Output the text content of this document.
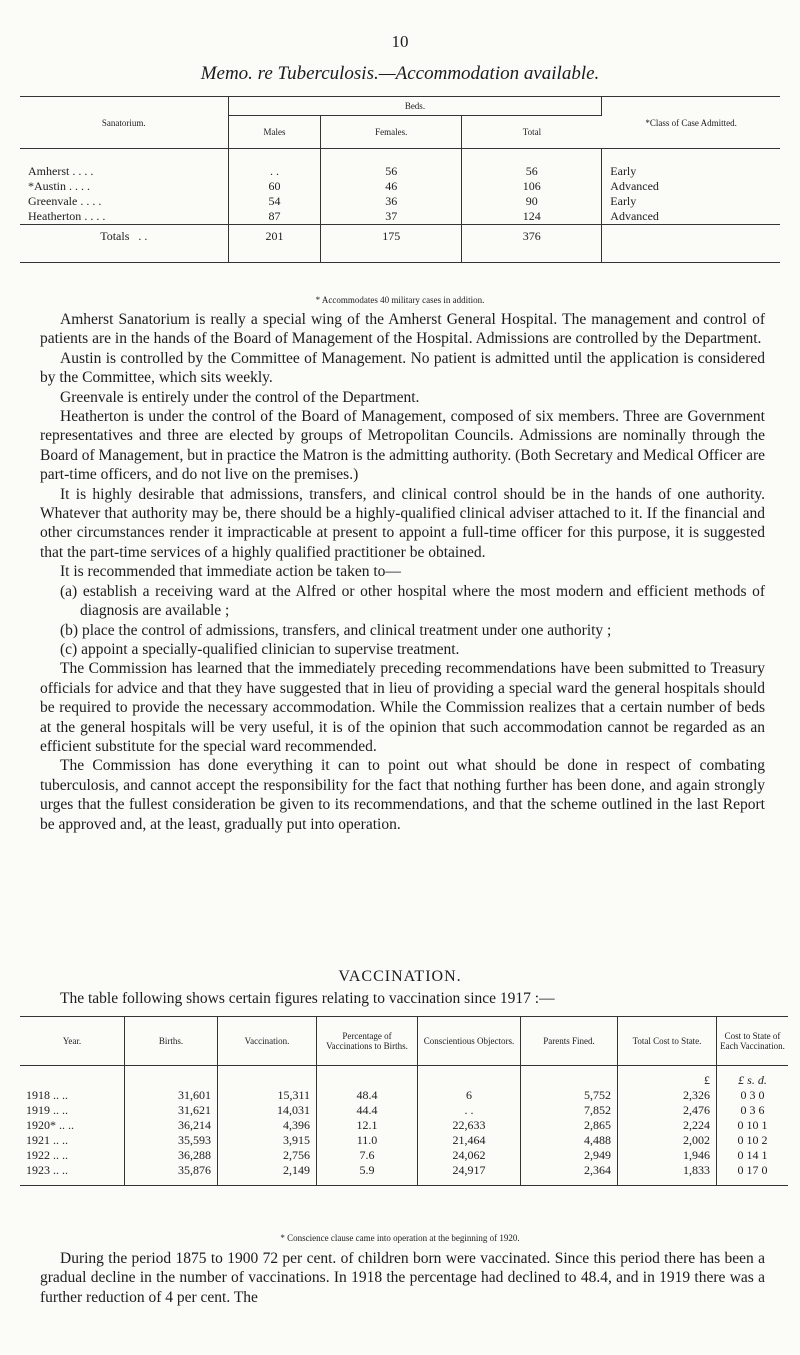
10
Memo. re Tuberculosis.—Accommodation available.
Sanatorium.	Beds.			*Class of Case Admitted.
	Males	Females.	Total	

Amherst . . . .	. .	56	56	Early
*Austin . . . .	60	46	106	Advanced
Greenvale . . . .	54	36	90	Early
Heatherton . . . .	87	37	124	Advanced
Totals . .	201	175	376	

* Accommodates 40 military cases in addition.

Amherst Sanatorium is really a special wing of the Amherst General Hospital. The management and control of patients are in the hands of the Board of Management of the Hospital. Admissions are controlled by the Department.

Austin is controlled by the Committee of Management. No patient is admitted until the application is considered by the Committee, which sits weekly.

Greenvale is entirely under the control of the Department.

Heatherton is under the control of the Board of Management, composed of six members. Three are Government representatives and three are elected by groups of Metropolitan Councils. Admissions are nominally through the Board of Management, but in practice the Matron is the admitting authority. (Both Secretary and Medical Officer are part-time officers, and do not live on the premises.)

It is highly desirable that admissions, transfers, and clinical control should be in the hands of one authority. Whatever that authority may be, there should be a highly-qualified clinical adviser attached to it. If the financial and other circumstances render it impracticable at present to appoint a full-time officer for this purpose, it is suggested that the part-time services of a highly qualified practitioner be obtained.

It is recommended that immediate action be taken to—

(a) establish a receiving ward at the Alfred or other hospital where the most modern and efficient methods of diagnosis are available ;

(b) place the control of admissions, transfers, and clinical treatment under one authority ;

(c) appoint a specially-qualified clinician to supervise treatment.

The Commission has learned that the immediately preceding recommendations have been submitted to Treasury officials for advice and that they have suggested that in lieu of providing a special ward the general hospitals should be required to provide the necessary accommodation. While the Commission realizes that a certain number of beds at the general hospitals will be very useful, it is of the opinion that such accommodation cannot be regarded as an efficient substitute for the special ward recommended.

The Commission has done everything it can to point out what should be done in respect of combating tuberculosis, and cannot accept the responsibility for the fact that nothing further has been done, and again strongly urges that the fullest consideration be given to its recommendations, and that the scheme outlined in the last Report be approved and, at the least, gradually put into operation.

VACCINATION.
The table following shows certain figures relating to vaccination since 1917 :—
Year.	Births.	Vaccination.	Percentage of Vaccinations to Births.	Conscientious Objectors.	Parents Fined.	Total Cost to State.	Cost to State of Each Vaccination.
						£	£ s. d.
1918 .. ..	31,601	15,311	48.4	6	5,752	2,326	0 3 0
1919 .. ..	31,621	14,031	44.4	. .	7,852	2,476	0 3 6
1920* .. ..	36,214	4,396	12.1	22,633	2,865	2,224	0 10 1
1921 .. ..	35,593	3,915	11.0	21,464	4,488	2,002	0 10 2
1922 .. ..	36,288	2,756	7.6	24,062	2,949	1,946	0 14 1
1923 .. ..	35,876	2,149	5.9	24,917	2,364	1,833	0 17 0
* Conscience clause came into operation at the beginning of 1920.

During the period 1875 to 1900 72 per cent. of children born were vaccinated. Since this period there has been a gradual decline in the number of vaccinations. In 1918 the percentage had declined to 48.4, and in 1919 there was a further reduction of 4 per cent. The
